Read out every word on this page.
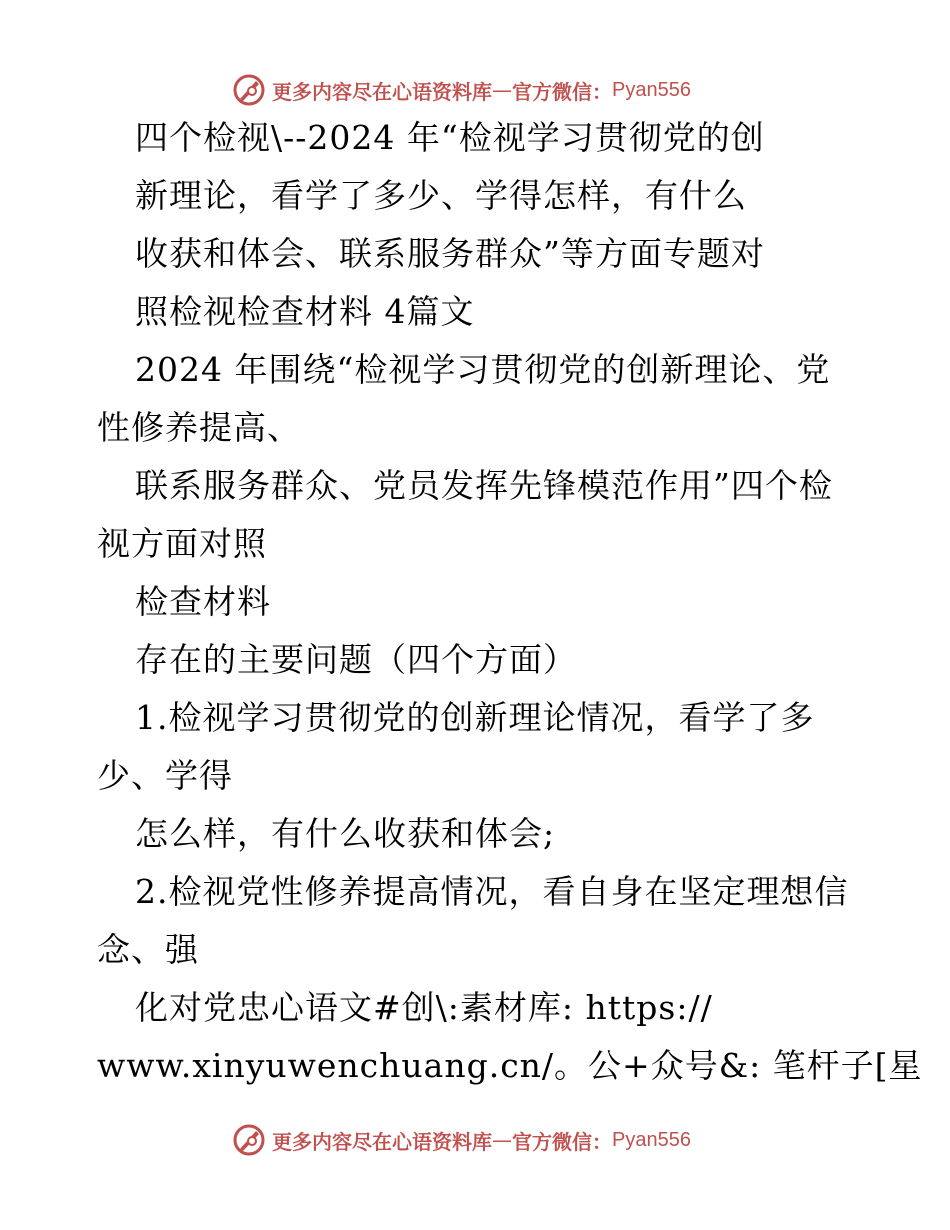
更多内容尽在心语资料库 — 官方微信： Pyan556
四个检视\--2024 年“检视学习贯彻党的创
新理论，看学了多少、学得怎样，有什么
收获和体会、联系服务群众”等方面专题对
照检视检查材料 4篇文
2024 年围绕“检视学习贯彻党的创新理论、党
性修养提高、
联系服务群众、党员发挥先锋模范作用”四个检
视方面对照
检查材料
存在的主要问题（四个方面）
1.检视学习贯彻党的创新理论情况，看学了多
少、学得
怎么样，有什么收获和体会;
2.检视党性修养提高情况，看自身在坚定理想信
念、强
化对党忠心语文#创\:素材库: https://
www.xinyuwenchuang.cn/。公+众号&: 笔杆子[星
更多内容尽在心语资料库 — 官方微信： Pyan556
